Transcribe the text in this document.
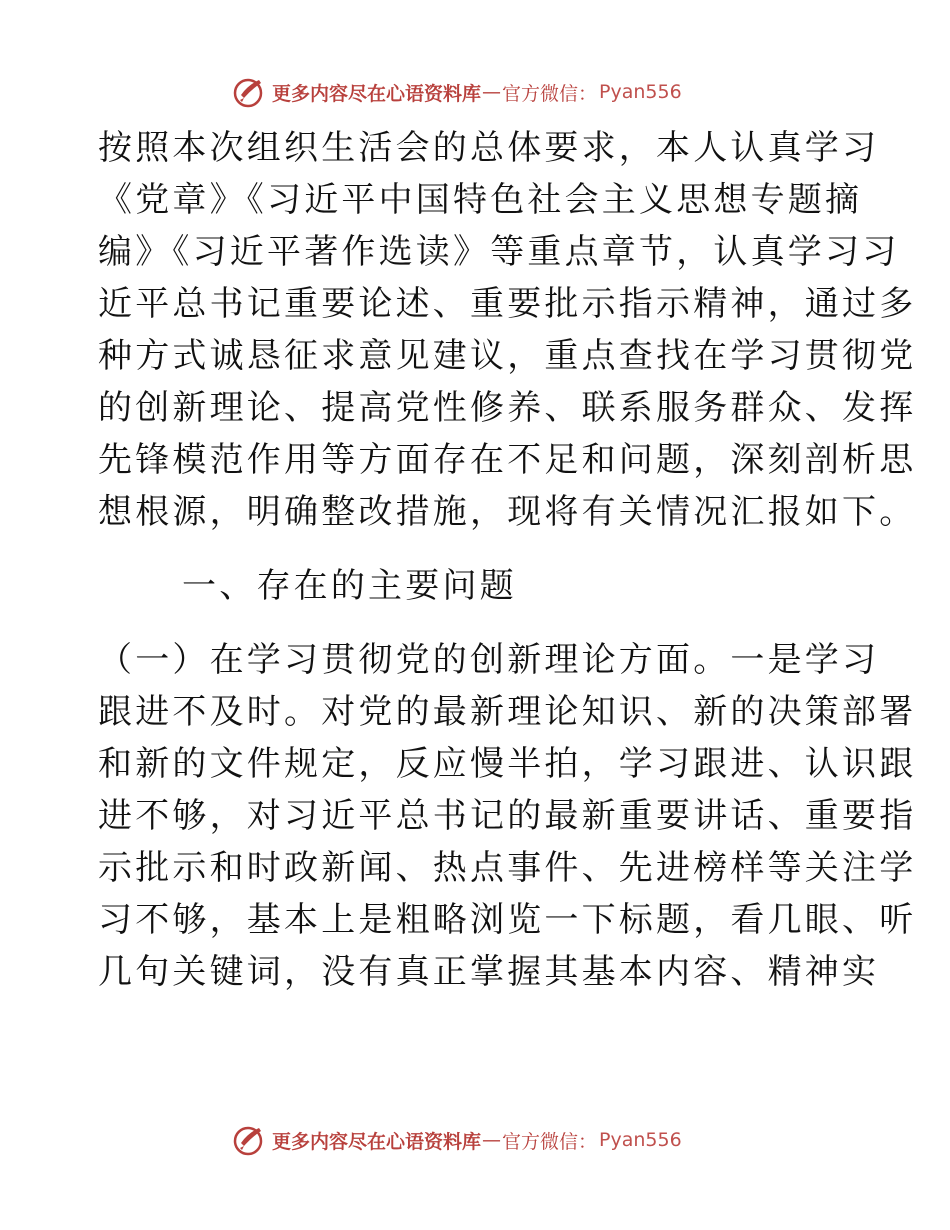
更多内容尽在心语资料库 — 官方微信： Pyan556
按照本次组织生活会的总体要求，本人认真学习
《党章》《习近平中国特色社会主义思想专题摘
编》《习近平著作选读》等重点章节，认真学习习
近平总书记重要论述、重要批示指示精神，通过多
种方式诚恳征求意见建议，重点查找在学习贯彻党
的创新理论、提高党性修养、联系服务群众、发挥
先锋模范作用等方面存在不足和问题，深刻剖析思
想根源，明确整改措施，现将有关情况汇报如下。
一、存在的主要问题
（一）在学习贯彻党的创新理论方面。一是学习
跟进不及时。对党的最新理论知识、新的决策部署
和新的文件规定，反应慢半拍，学习跟进、认识跟
进不够，对习近平总书记的最新重要讲话、重要指
示批示和时政新闻、热点事件、先进榜样等关注学
习不够，基本上是粗略浏览一下标题，看几眼、听
几句关键词，没有真正掌握其基本内容、精神实
更多内容尽在心语资料库 — 官方微信： Pyan556
